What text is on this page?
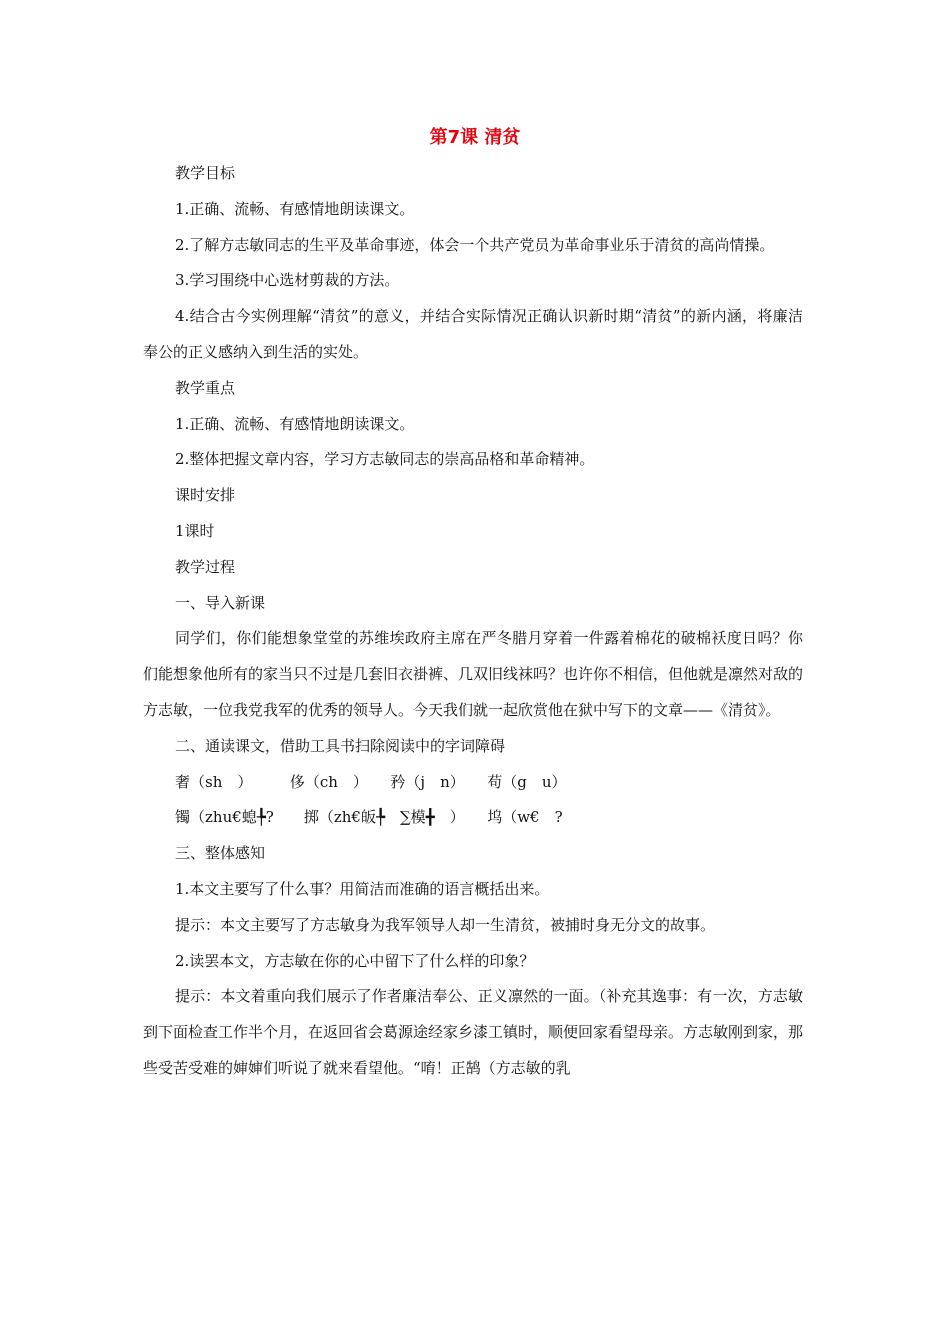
第7课 清贫

教学目标

1.正确、流畅、有感情地朗读课文。

2.了解方志敏同志的生平及革命事迹，体会一个共产党员为革命事业乐于清贫的高尚情操。

3.学习围绕中心选材剪裁的方法。

4.结合古今实例理解“清贫”的意义，并结合实际情况正确认识新时期“清贫”的新内涵，将廉洁奉公的正义感纳入到生活的实处。

教学重点

1.正确、流畅、有感情地朗读课文。

2.整体把握文章内容，学习方志敏同志的崇高品格和革命精神。

课时安排

1课时

教学过程

一、导入新课

同学们，你们能想象堂堂的苏维埃政府主席在严冬腊月穿着一件露着棉花的破棉袄度日吗？你们能想象他所有的家当只不过是几套旧衣褂裤、几双旧线袜吗？也许你不相信，但他就是凛然对敌的方志敏，一位我党我军的优秀的领导人。今天我们就一起欣赏他在狱中写下的文章——《清贫》。

二、通读课文，借助工具书扫除阅读中的字词障碍

奢（sh　）　　　侈（ch　）　　矜（j　n）　　苟（g　u）

镯（zhu€螅╄?　　掷（zh€皈╄　∑模╋　）　　坞（w€　?

三、整体感知

1.本文主要写了什么事？用简洁而准确的语言概括出来。

提示：本文主要写了方志敏身为我军领导人却一生清贫，被捕时身无分文的故事。

2.读罢本文，方志敏在你的心中留下了什么样的印象？

提示：本文着重向我们展示了作者廉洁奉公、正义凛然的一面。（补充其逸事：有一次，方志敏到下面检查工作半个月，在返回省会葛源途经家乡漆工镇时，顺便回家看望母亲。方志敏刚到家，那些受苦受难的婶婶们听说了就来看望他。“唷！正鹄（方志敏的乳
